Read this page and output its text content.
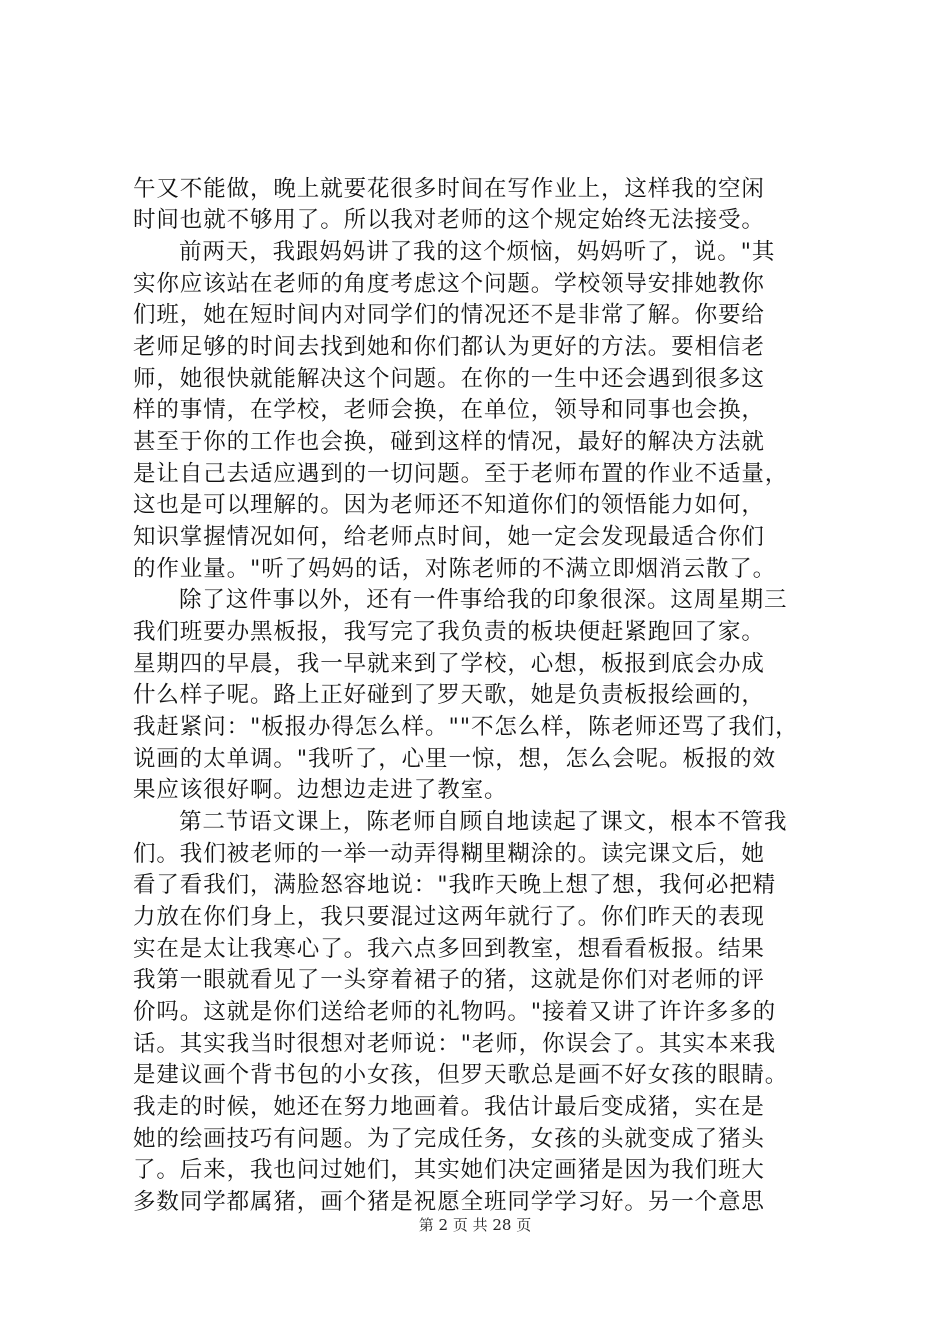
午又不能做，晚上就要花很多时间在写作业上，这样我的空闲
时间也就不够用了。所以我对老师的这个规定始终无法接受。
前两天，我跟妈妈讲了我的这个烦恼，妈妈听了，说。"其
实你应该站在老师的角度考虑这个问题。学校领导安排她教你
们班，她在短时间内对同学们的情况还不是非常了解。你要给
老师足够的时间去找到她和你们都认为更好的方法。要相信老
师，她很快就能解决这个问题。在你的一生中还会遇到很多这
样的事情，在学校，老师会换，在单位，领导和同事也会换，
甚至于你的工作也会换，碰到这样的情况，最好的解决方法就
是让自己去适应遇到的一切问题。至于老师布置的作业不适量，
这也是可以理解的。因为老师还不知道你们的领悟能力如何，
知识掌握情况如何，给老师点时间，她一定会发现最适合你们
的作业量。"听了妈妈的话，对陈老师的不满立即烟消云散了。
除了这件事以外，还有一件事给我的印象很深。这周星期三
我们班要办黑板报，我写完了我负责的板块便赶紧跑回了家。
星期四的早晨，我一早就来到了学校，心想，板报到底会办成
什么样子呢。路上正好碰到了罗天歌，她是负责板报绘画的，
我赶紧问："板报办得怎么样。""不怎么样，陈老师还骂了我们，
说画的太单调。"我听了，心里一惊，想，怎么会呢。板报的效
果应该很好啊。边想边走进了教室。
第二节语文课上，陈老师自顾自地读起了课文，根本不管我
们。我们被老师的一举一动弄得糊里糊涂的。读完课文后，她
看了看我们，满脸怒容地说："我昨天晚上想了想，我何必把精
力放在你们身上，我只要混过这两年就行了。你们昨天的表现
实在是太让我寒心了。我六点多回到教室，想看看板报。结果
我第一眼就看见了一头穿着裙子的猪，这就是你们对老师的评
价吗。这就是你们送给老师的礼物吗。"接着又讲了许许多多的
话。其实我当时很想对老师说："老师，你误会了。其实本来我
是建议画个背书包的小女孩，但罗天歌总是画不好女孩的眼睛。
我走的时候，她还在努力地画着。我估计最后变成猪，实在是
她的绘画技巧有问题。为了完成任务，女孩的头就变成了猪头
了。后来，我也问过她们，其实她们决定画猪是因为我们班大
多数同学都属猪，画个猪是祝愿全班同学学习好。另一个意思
第 2 页 共 28 页
